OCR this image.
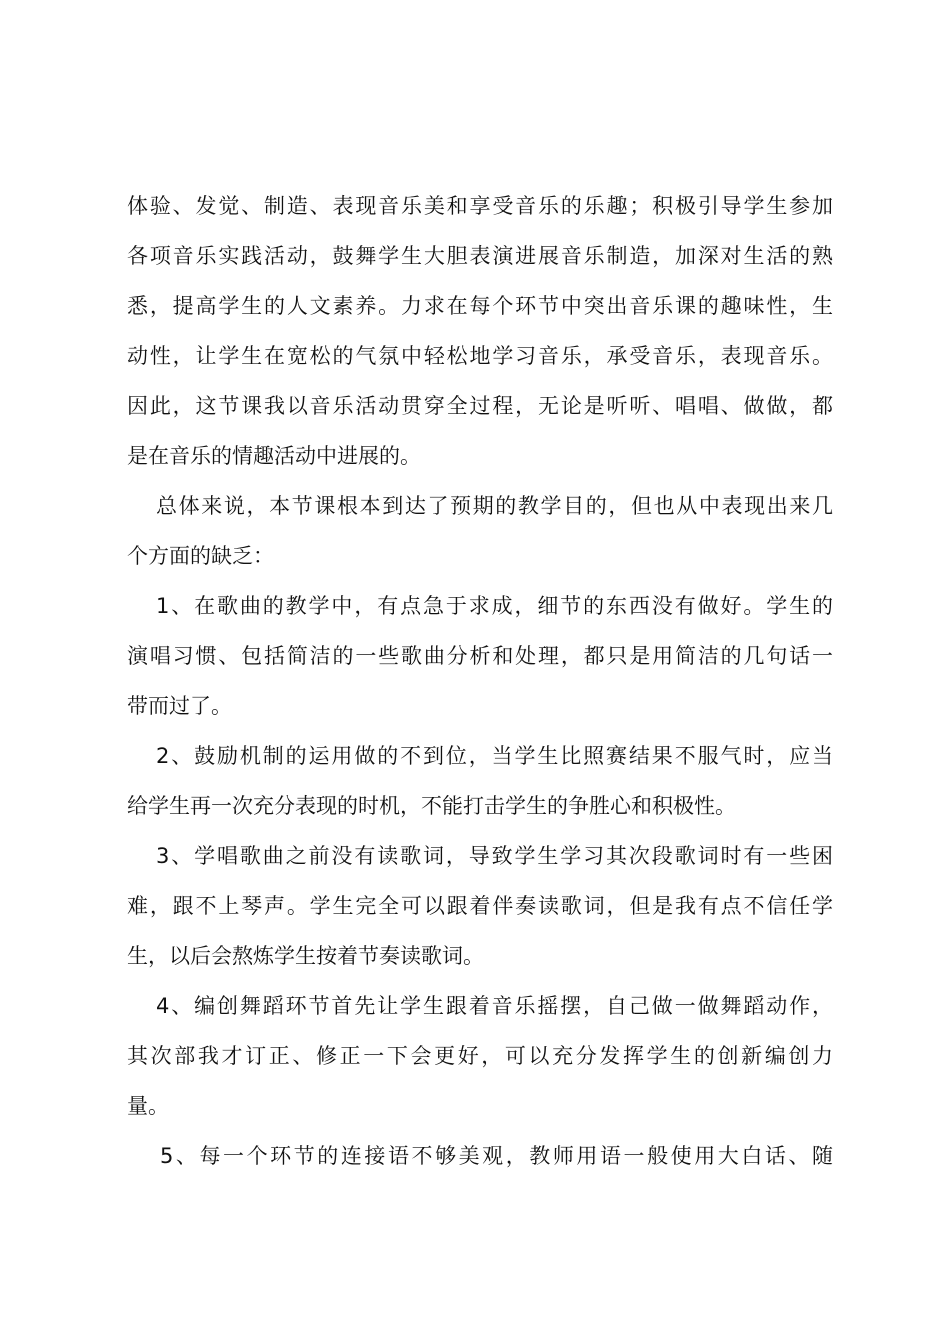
体验、发觉、制造、表现音乐美和享受音乐的乐趣；积极引导学生参加
各项音乐实践活动，鼓舞学生大胆表演进展音乐制造，加深对生活的熟
悉，提高学生的人文素养。力求在每个环节中突出音乐课的趣味性，生
动性，让学生在宽松的气氛中轻松地学习音乐，承受音乐，表现音乐。
因此，这节课我以音乐活动贯穿全过程，无论是听听、唱唱、做做，都
是在音乐的情趣活动中进展的。
总体来说，本节课根本到达了预期的教学目的，但也从中表现出来几
个方面的缺乏：
1、在歌曲的教学中，有点急于求成，细节的东西没有做好。学生的
演唱习惯、包括简洁的一些歌曲分析和处理，都只是用简洁的几句话一
带而过了。
2、鼓励机制的运用做的不到位，当学生比照赛结果不服气时，应当
给学生再一次充分表现的时机，不能打击学生的争胜心和积极性。
3、学唱歌曲之前没有读歌词，导致学生学习其次段歌词时有一些困
难，跟不上琴声。学生完全可以跟着伴奏读歌词，但是我有点不信任学
生，以后会熬炼学生按着节奏读歌词。
4、编创舞蹈环节首先让学生跟着音乐摇摆，自己做一做舞蹈动作，
其次部我才订正、修正一下会更好，可以充分发挥学生的创新编创力
量。
5、每一个环节的连接语不够美观，教师用语一般使用大白话、随
